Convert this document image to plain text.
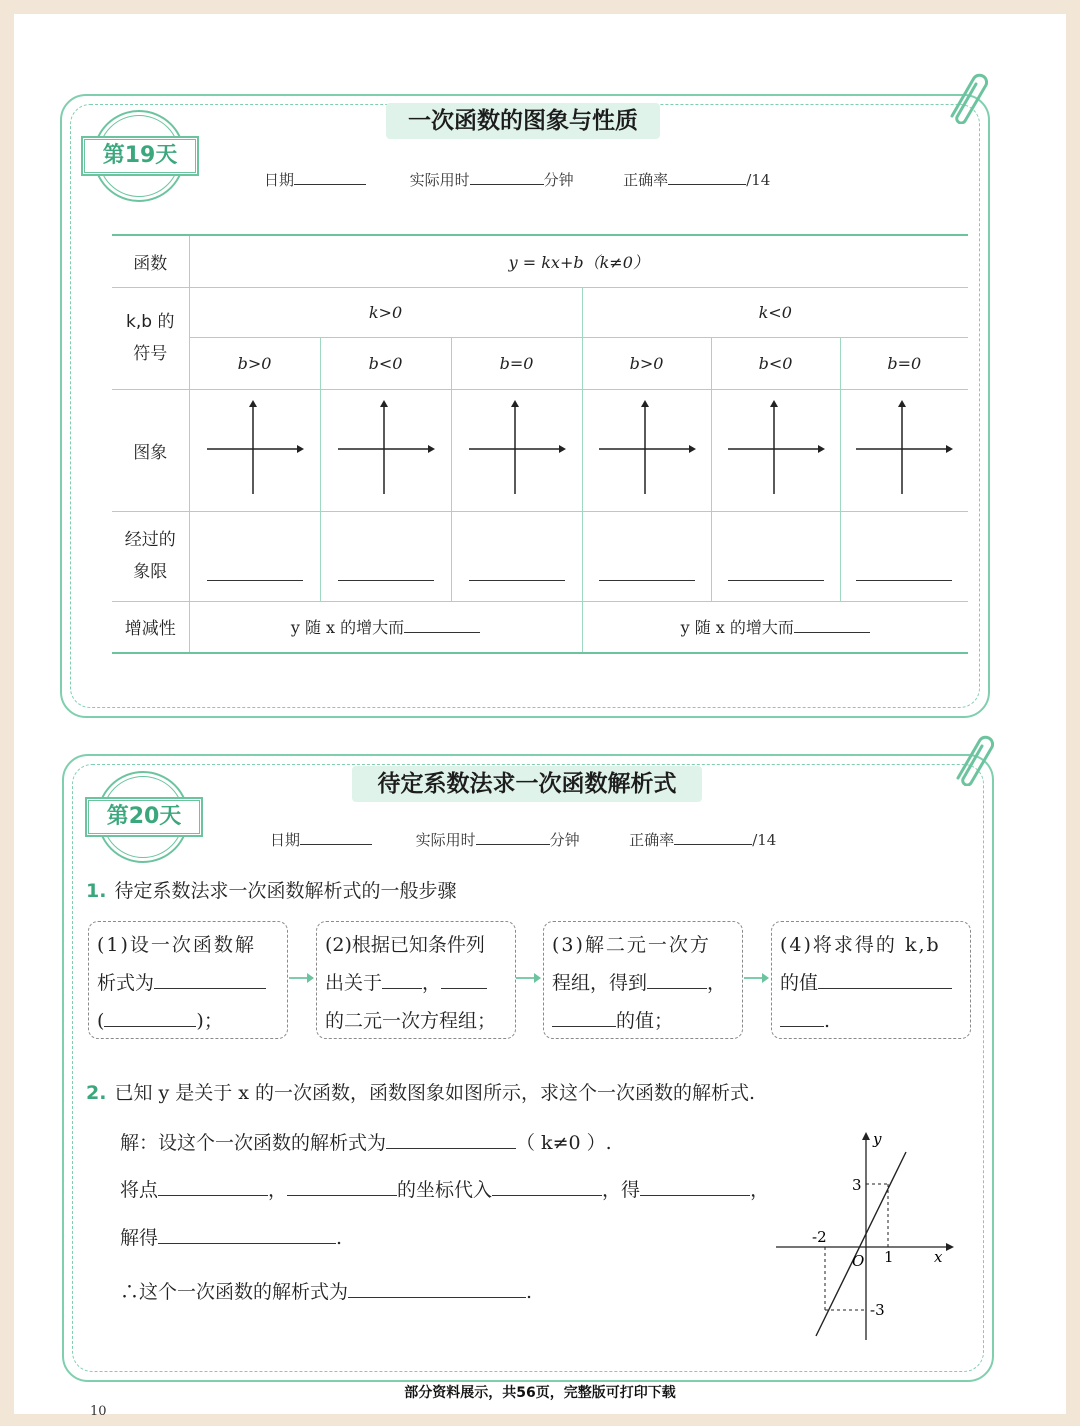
一次函数的图象与性质
第19天
日期	实际用时	分钟	正确率	/14
函数	y = kx+b（k≠0）					
k,b 的
符号	k>0			k<0		
	b>0	b<0	b=0	b>0	b<0	b=0
图象						
经过的
象限						
增减性	y 随 x 的增大而			y 随 x 的增大而		
待定系数法求一次函数解析式
第20天
日期	实际用时	分钟	正确率	/14
1. 待定系数法求一次函数解析式的一般步骤
(1)设一次函数解
析式为
(	)；
(2)根据已知条件列
出关于 ，
的二元一次方程组；
(3)解二元一次方
程组，得到	，
的值；
(4)将求得的 k,b
的值
.
2. 已知 y 是关于 x 的一次函数，函数图象如图所示，求这个一次函数的解析式.
解：设这个一次函数的解析式为	（ k≠0 ）.
将点	，	的坐标代入	，得	，
解得	.
∴这个一次函数的解析式为	.
y
x
O
3
-2
1
-3
部分资料展示，共56页，完整版可打印下载
10
